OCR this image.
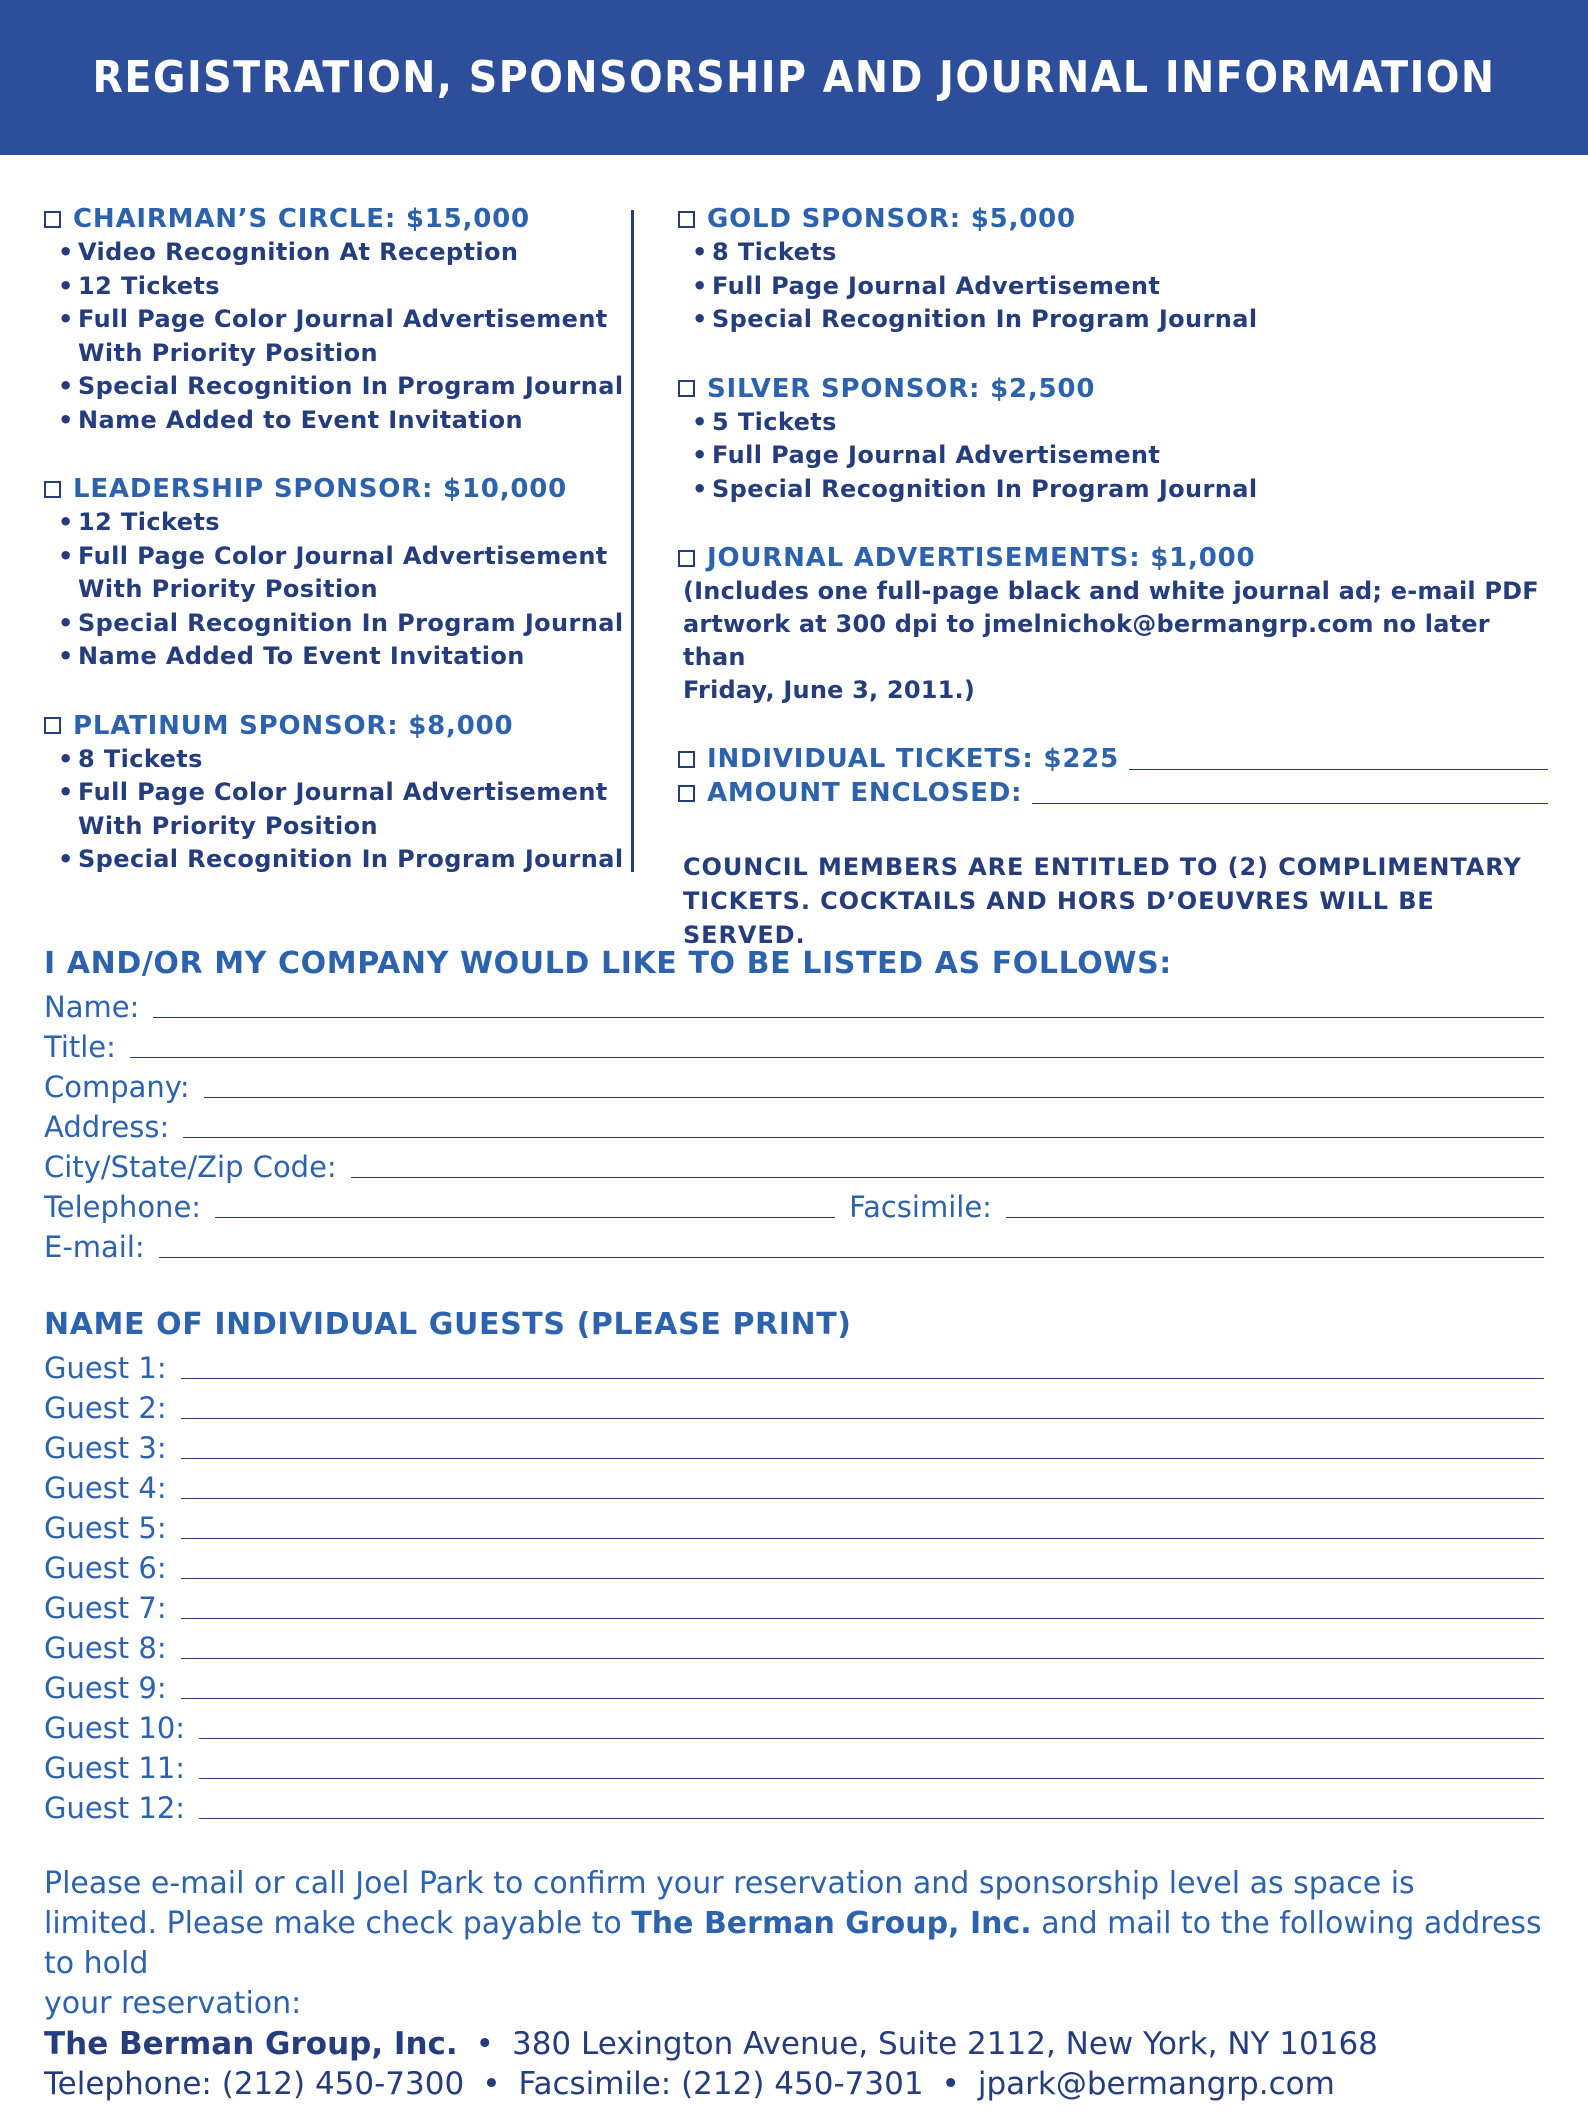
REGISTRATION, SPONSORSHIP AND JOURNAL INFORMATION
CHAIRMAN’S CIRCLE: $15,000
• Video Recognition At Reception
• 12 Tickets
• Full Page Color Journal Advertisement With Priority Position
• Special Recognition In Program Journal
• Name Added to Event Invitation
LEADERSHIP SPONSOR: $10,000
• 12 Tickets
• Full Page Color Journal Advertisement With Priority Position
• Special Recognition In Program Journal
• Name Added To Event Invitation
PLATINUM SPONSOR: $8,000
• 8 Tickets
• Full Page Color Journal Advertisement With Priority Position
• Special Recognition In Program Journal
GOLD SPONSOR: $5,000
• 8 Tickets
• Full Page Journal Advertisement
• Special Recognition In Program Journal
SILVER SPONSOR: $2,500
• 5 Tickets
• Full Page Journal Advertisement
• Special Recognition In Program Journal
JOURNAL ADVERTISEMENTS: $1,000
(Includes one full-page black and white journal ad; e-mail PDF
artwork at 300 dpi to jmelnichok@bermangrp.com no later than
Friday, June 3, 2011.)
INDIVIDUAL TICKETS: $225
AMOUNT ENCLOSED:
COUNCIL MEMBERS ARE ENTITLED TO (2) COMPLIMENTARY
TICKETS. COCKTAILS AND HORS D’OEUVRES WILL BE SERVED.
I AND/OR MY COMPANY WOULD LIKE TO BE LISTED AS FOLLOWS:
Name:
Title:
Company:
Address:
City/State/Zip Code:
Telephone:	Facsimile:
E-mail:
NAME OF INDIVIDUAL GUESTS (PLEASE PRINT)
Guest 1:
Guest 2:
Guest 3:
Guest 4:
Guest 5:
Guest 6:
Guest 7:
Guest 8:
Guest 9:
Guest 10:
Guest 11:
Guest 12:
Please e-mail or call Joel Park to confirm your reservation and sponsorship level as space is
limited. Please make check payable to The Berman Group, Inc. and mail to the following address to hold
your reservation:
The Berman Group, Inc. • 380 Lexington Avenue, Suite 2112, New York, NY 10168
Telephone: (212) 450-7300 • Facsimile: (212) 450-7301 • jpark@bermangrp.com
